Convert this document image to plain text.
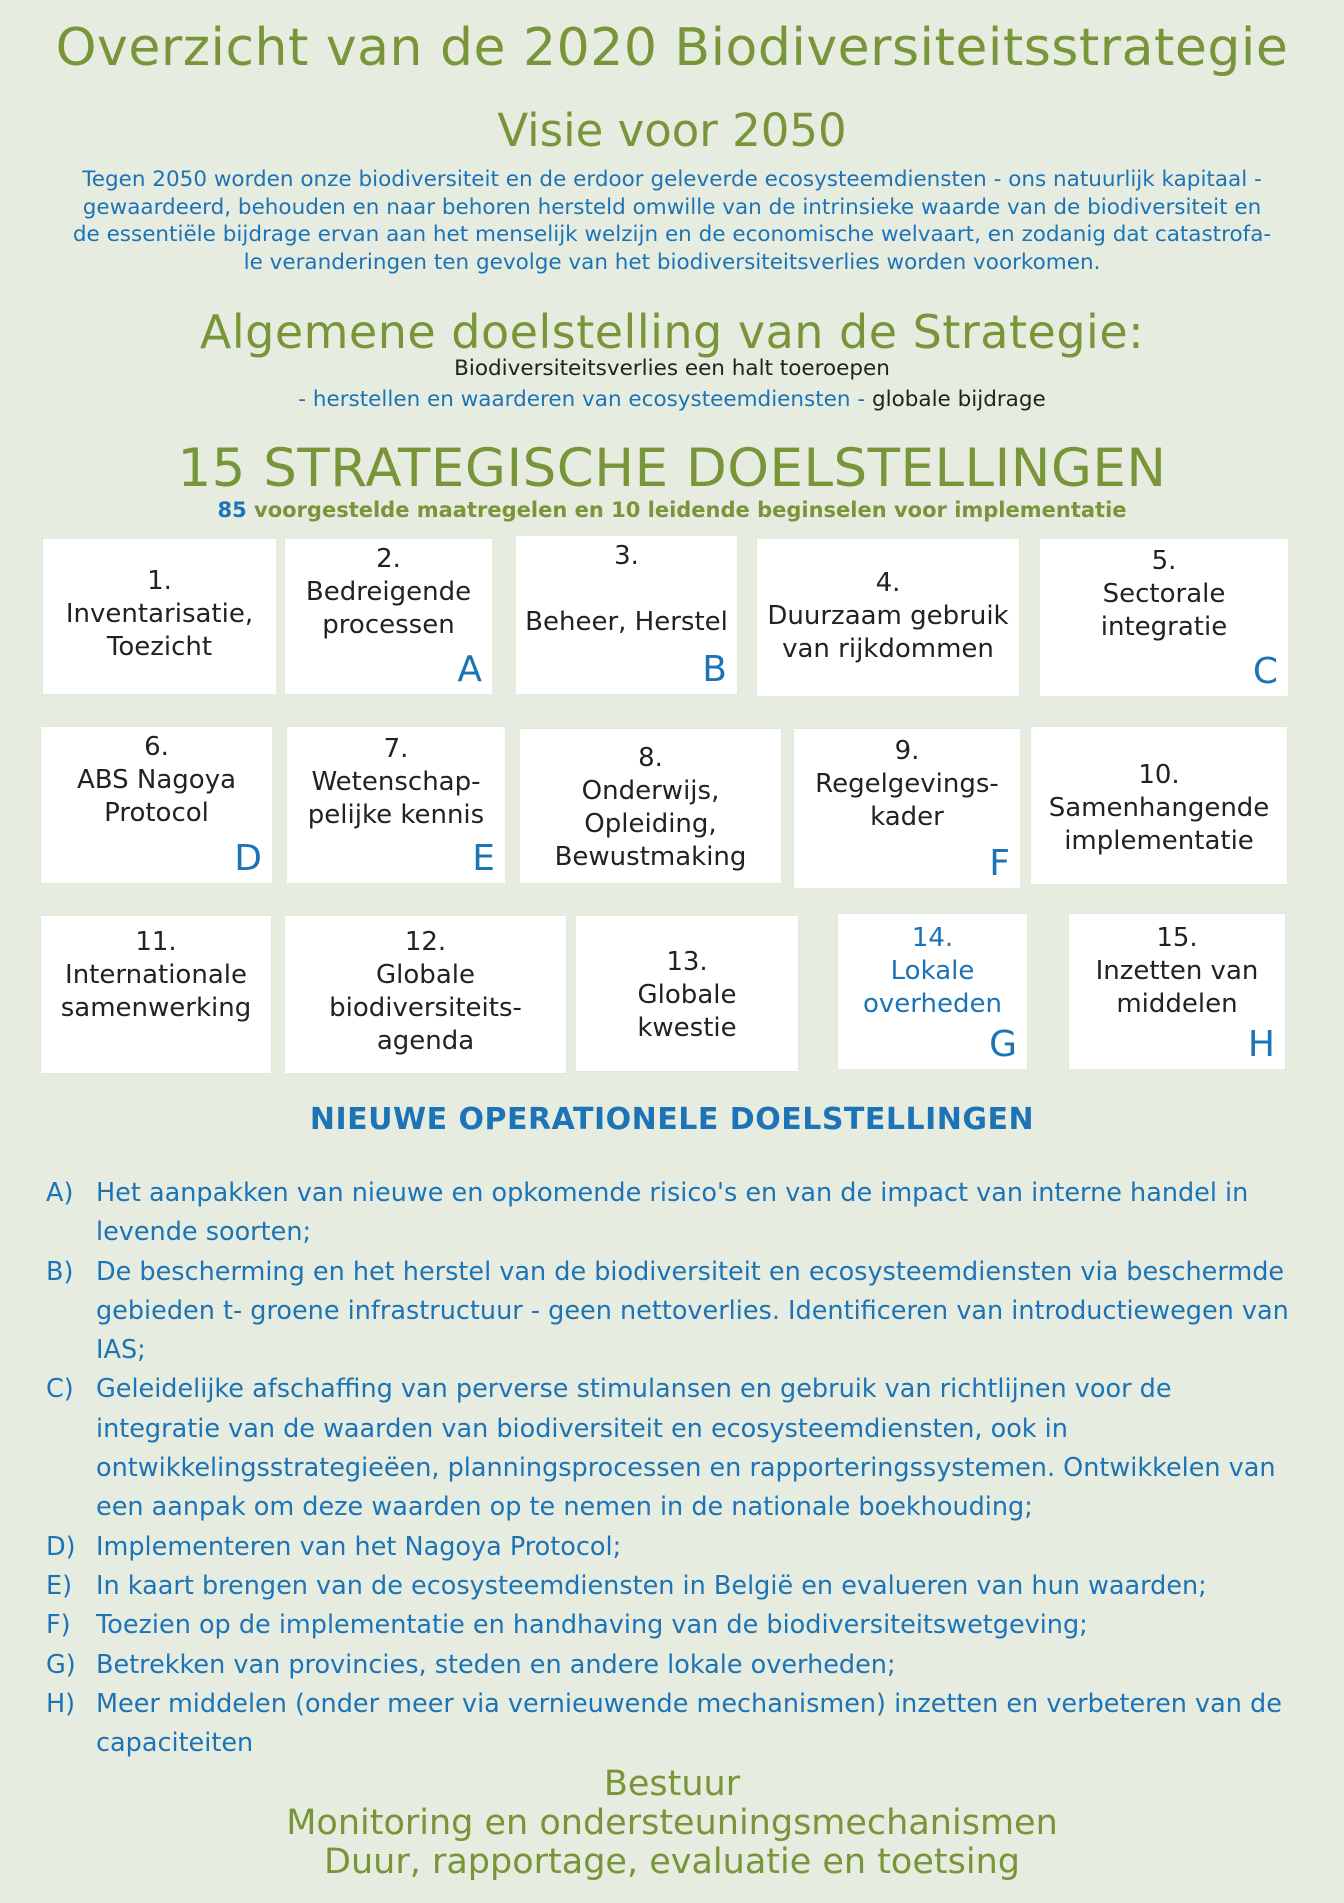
Overzicht van de 2020 Biodiversiteitsstrategie
Visie voor 2050
Tegen 2050 worden onze biodiversiteit en de erdoor geleverde ecosysteemdiensten - ons natuurlijk kapitaal -
gewaardeerd, behouden en naar behoren hersteld omwille van de intrinsieke waarde van de biodiversiteit en
de essentiële bijdrage ervan aan het menselijk welzijn en de economische welvaart, en zodanig dat catastrofa-
le veranderingen ten gevolge van het biodiversiteitsverlies worden voorkomen.
Algemene doelstelling van de Strategie:
Biodiversiteitsverlies een halt toeroepen
- herstellen en waarderen van ecosysteemdiensten - globale bijdrage
15 STRATEGISCHE DOELSTELLINGEN
85 voorgestelde maatregelen en 10 leidende beginselen voor implementatie
1.
Inventarisatie,
Toezicht
2.
Bedreigende
processen
A
3.

Beheer, Herstel
B
4.
Duurzaam gebruik
van rijkdommen
5.
Sectorale
integratie
C
6.
ABS Nagoya
Protocol
D
7.
Wetenschap-
pelijke kennis
E
8.
Onderwijs,
Opleiding,
Bewustmaking
9.
Regelgevings-
kader
F
10.
Samenhangende
implementatie
11.
Internationale
samenwerking
12.
Globale
biodiversiteits-
agenda
13.
Globale
kwestie
14.
Lokale
overheden
G
15.
Inzetten van
middelen
H
NIEUWE OPERATIONELE DOELSTELLINGEN
A) Het aanpakken van nieuwe en opkomende risico's en van de impact van interne handel in levende soorten;
B) De bescherming en het herstel van de biodiversiteit en ecosysteemdiensten via beschermde gebieden t- groene infrastructuur - geen nettoverlies. Identificeren van introductiewegen van IAS;
C) Geleidelijke afschaffing van perverse stimulansen en gebruik van richtlijnen voor de integratie van de waarden van biodiversiteit en ecosysteemdiensten, ook in ontwikkelingsstrategieëen, planningsprocessen en rapporteringssystemen. Ontwikkelen van een aanpak om deze waarden op te nemen in de nationale boekhouding;
D) Implementeren van het Nagoya Protocol;
E) In kaart brengen van de ecosysteemdiensten in België en evalueren van hun waarden;
F) Toezien op de implementatie en handhaving van de biodiversiteitswetgeving;
G) Betrekken van provincies, steden en andere lokale overheden;
H) Meer middelen (onder meer via vernieuwende mechanismen) inzetten en verbeteren van de capaciteiten
Bestuur
Monitoring en ondersteuningsmechanismen
Duur, rapportage, evaluatie en toetsing
